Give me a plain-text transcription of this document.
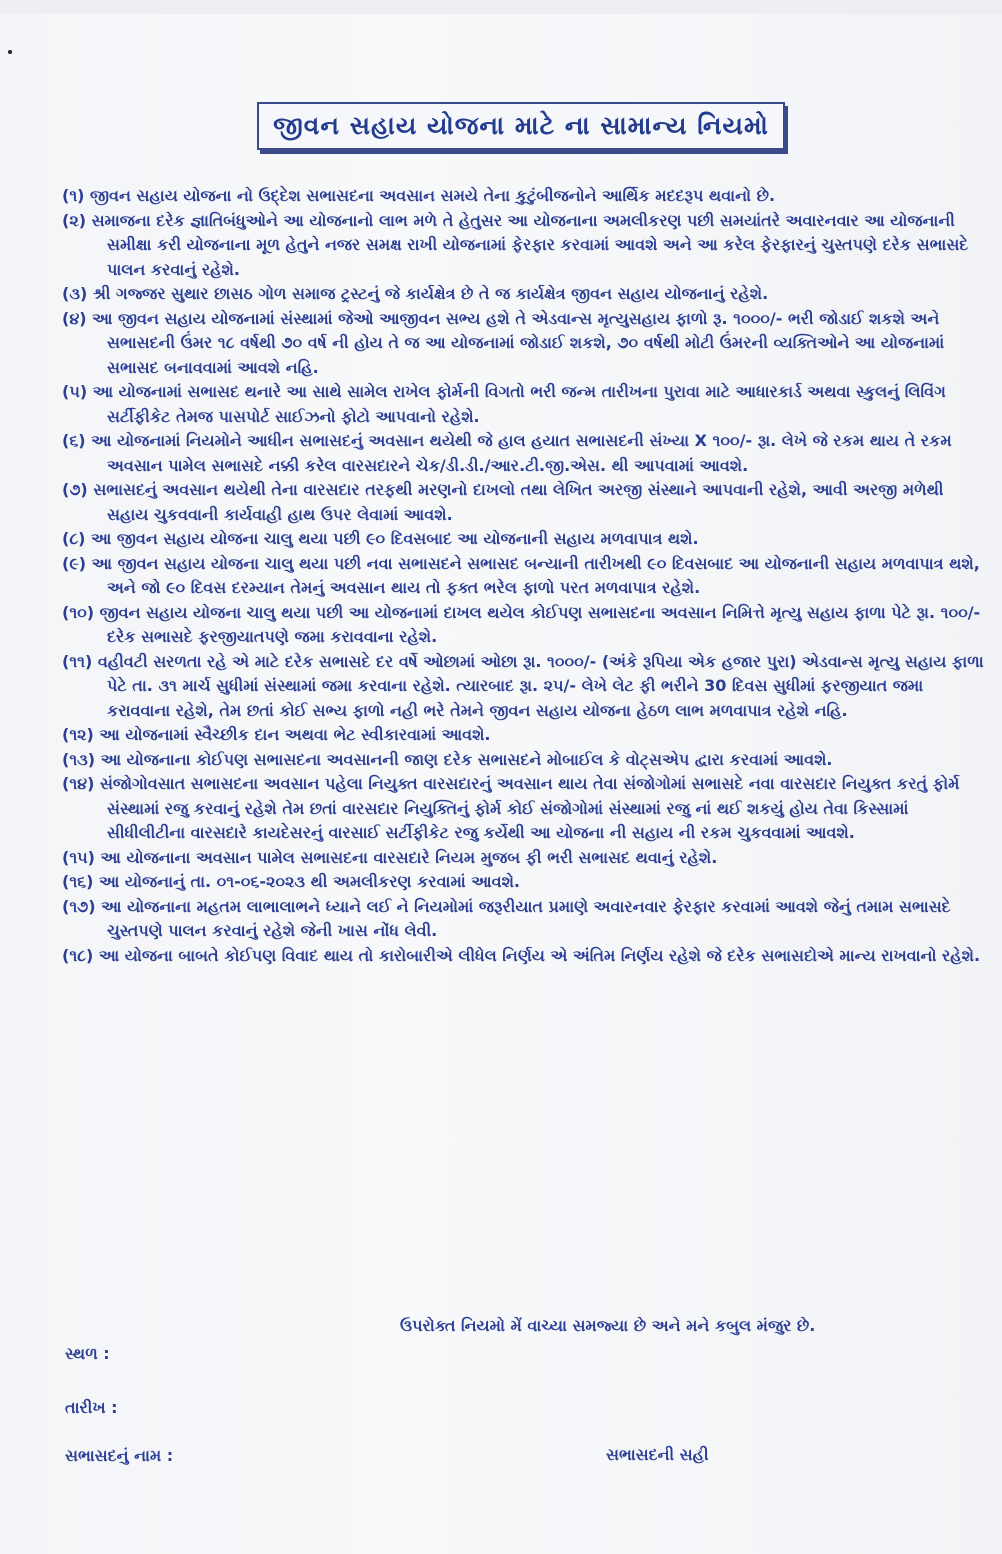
જીવન સહાય યોજના માટે ના સામાન્ય નિયમો

(૧) જીવન સહાય યોજના નો ઉદ્દેશ સભાસદના અવસાન સમયે તેના કુટુંબીજનોને આર્થિક મદદરૂપ થવાનો છે.

(૨) સમાજના દરેક જ્ઞાતિબંધુઓને આ યોજનાનો લાભ મળે તે હેતુસર આ યોજનાના અમલીકરણ પછી સમયાંતરે અવારનવાર આ યોજનાની સમીક્ષા કરી યોજનાના મૂળ હેતુને નજર સમક્ષ રાખી યોજનામાં ફેરફાર કરવામાં આવશે અને આ કરેલ ફેરફારનું ચુસ્તપણે દરેક સભાસદે પાલન કરવાનું રહેશે.

(૩) શ્રી ગજ્જર સુથાર છાસઠ ગોળ સમાજ ટ્રસ્ટનું જે કાર્યક્ષેત્ર છે તે જ કાર્યક્ષેત્ર જીવન સહાય યોજનાનું રહેશે.

(૪) આ જીવન સહાય યોજનામાં સંસ્થામાં જેઓ આજીવન સભ્ય હશે તે એડવાન્સ મૃત્યુસહાય ફાળો રૂ. ૧૦૦૦/- ભરી જોડાઈ શકશે અને સભાસદની ઉંમર ૧૮ વર્ષથી ૭૦ વર્ષ ની હોય તે જ આ યોજનામાં જોડાઈ શકશે, ૭૦ વર્ષથી મોટી ઉંમરની વ્યક્તિઓને આ યોજનામાં સભાસદ બનાવવામાં આવશે નહિ.

(૫) આ યોજનામાં સભાસદ થનારે આ સાથે સામેલ રાખેલ ફોર્મની વિગતો ભરી જન્મ તારીખના પુરાવા માટે આધારકાર્ડ અથવા સ્કુલનું લિવિંગ સર્ટીફીકેટ તેમજ પાસપોર્ટ સાઈઝનો ફોટો આપવાનો રહેશે.

(૬) આ યોજનામાં નિયમોને આધીન સભાસદનું અવસાન થયેથી જે હાલ હયાત સભાસદની સંખ્યા X ૧૦૦/- રૂા. લેખે જે રકમ થાય તે રકમ અવસાન પામેલ સભાસદે નક્કી કરેલ વારસદારને ચેક/ડી.ડી./આર.ટી.જી.એસ. થી આપવામાં આવશે.

(૭) સભાસદનું અવસાન થયેથી તેના વારસદાર તરફથી મરણનો દાખલો તથા લેખિત અરજી સંસ્થાને આપવાની રહેશે, આવી અરજી મળેથી સહાય ચુકવવાની કાર્યવાહી હાથ ઉપર લેવામાં આવશે.

(૮) આ જીવન સહાય યોજના ચાલુ થયા પછી ૯૦ દિવસબાદ આ યોજનાની સહાય મળવાપાત્ર થશે.

(૯) આ જીવન સહાય યોજના ચાલુ થયા પછી નવા સભાસદને સભાસદ બન્યાની તારીખથી ૯૦ દિવસબાદ આ યોજનાની સહાય મળવાપાત્ર થશે, અને જો ૯૦ દિવસ દરમ્યાન તેમનું અવસાન થાય તો ફક્ત ભરેલ ફાળો પરત મળવાપાત્ર રહેશે.

(૧૦) જીવન સહાય યોજના ચાલુ થયા પછી આ યોજનામાં દાખલ થયેલ કોઈપણ સભાસદના અવસાન નિમિત્તે મૃત્યુ સહાય ફાળા પેટે રૂા. ૧૦૦/- દરેક સભાસદે ફરજીયાતપણે જમા કરાવવાના રહેશે.

(૧૧) વહીવટી સરળતા રહે એ માટે દરેક સભાસદે દર વર્ષે ઓછામાં ઓછા રૂા. ૧૦૦૦/- (અંકે રૂપિયા એક હજાર પુરા) એડવાન્સ મૃત્યુ સહાય ફાળા પેટે તા. ૩૧ માર્ચ સુધીમાં સંસ્થામાં જમા કરવાના રહેશે. ત્યારબાદ રૂા. ૨૫/- લેખે લેટ ફી ભરીને 30 દિવસ સુધીમાં ફરજીયાત જમા કરાવવાના રહેશે, તેમ છતાં કોઈ સભ્ય ફાળો નહી ભરે તેમને જીવન સહાય યોજના હેઠળ લાભ મળવાપાત્ર રહેશે નહિ.

(૧૨) આ યોજનામાં સ્વૈચ્છીક દાન અથવા ભેટ સ્વીકારવામાં આવશે.

(૧૩) આ યોજનાના કોઈપણ સભાસદના અવસાનની જાણ દરેક સભાસદને મોબાઈલ કે વોટ્સએપ દ્વારા કરવામાં આવશે.

(૧૪) સંજોગોવસાત સભાસદના અવસાન પહેલા નિયુક્ત વારસદારનું અવસાન થાય તેવા સંજોગોમાં સભાસદે નવા વારસદાર નિયુક્ત કરતું ફોર્મ સંસ્થામાં રજુ કરવાનું રહેશે તેમ છતાં વારસદાર નિયુક્તિનું ફોર્મ કોઈ સંજોગોમાં સંસ્થામાં રજુ નાં થઈ શકયું હોય તેવા કિસ્સામાં સીધીલીટીના વારસદારે કાયદેસરનું વારસાઈ સર્ટીફીકેટ રજુ કર્યેથી આ યોજના ની સહાય ની રકમ ચુકવવામાં આવશે.

(૧૫) આ યોજનાના અવસાન પામેલ સભાસદના વારસદારે નિયમ મુજબ ફી ભરી સભાસદ થવાનું રહેશે.

(૧૬) આ યોજનાનું તા. ૦૧-૦૬-૨૦૨૩ થી અમલીકરણ કરવામાં આવશે.

(૧૭) આ યોજનાના મહતમ લાભાલાભને ધ્યાને લઈ ને નિયમોમાં જરૂરીયાત પ્રમાણે અવારનવાર ફેરફાર કરવામાં આવશે જેનું તમામ સભાસદે ચુસ્તપણે પાલન કરવાનું રહેશે જેની ખાસ નોંધ લેવી.

(૧૮) આ યોજના બાબતે કોઈપણ વિવાદ થાય તો કારોબારીએ લીધેલ નિર્ણય એ અંતિમ નિર્ણય રહેશે જે દરેક સભાસદોએ માન્ય રાખવાનો રહેશે.

ઉપરોક્ત નિયમો મેં વાચ્યા સમજ્યા છે અને મને કબુલ મંજુર છે.
સ્થળ :
તારીખ :
સભાસદનું નામ :	સભાસદની સહી
